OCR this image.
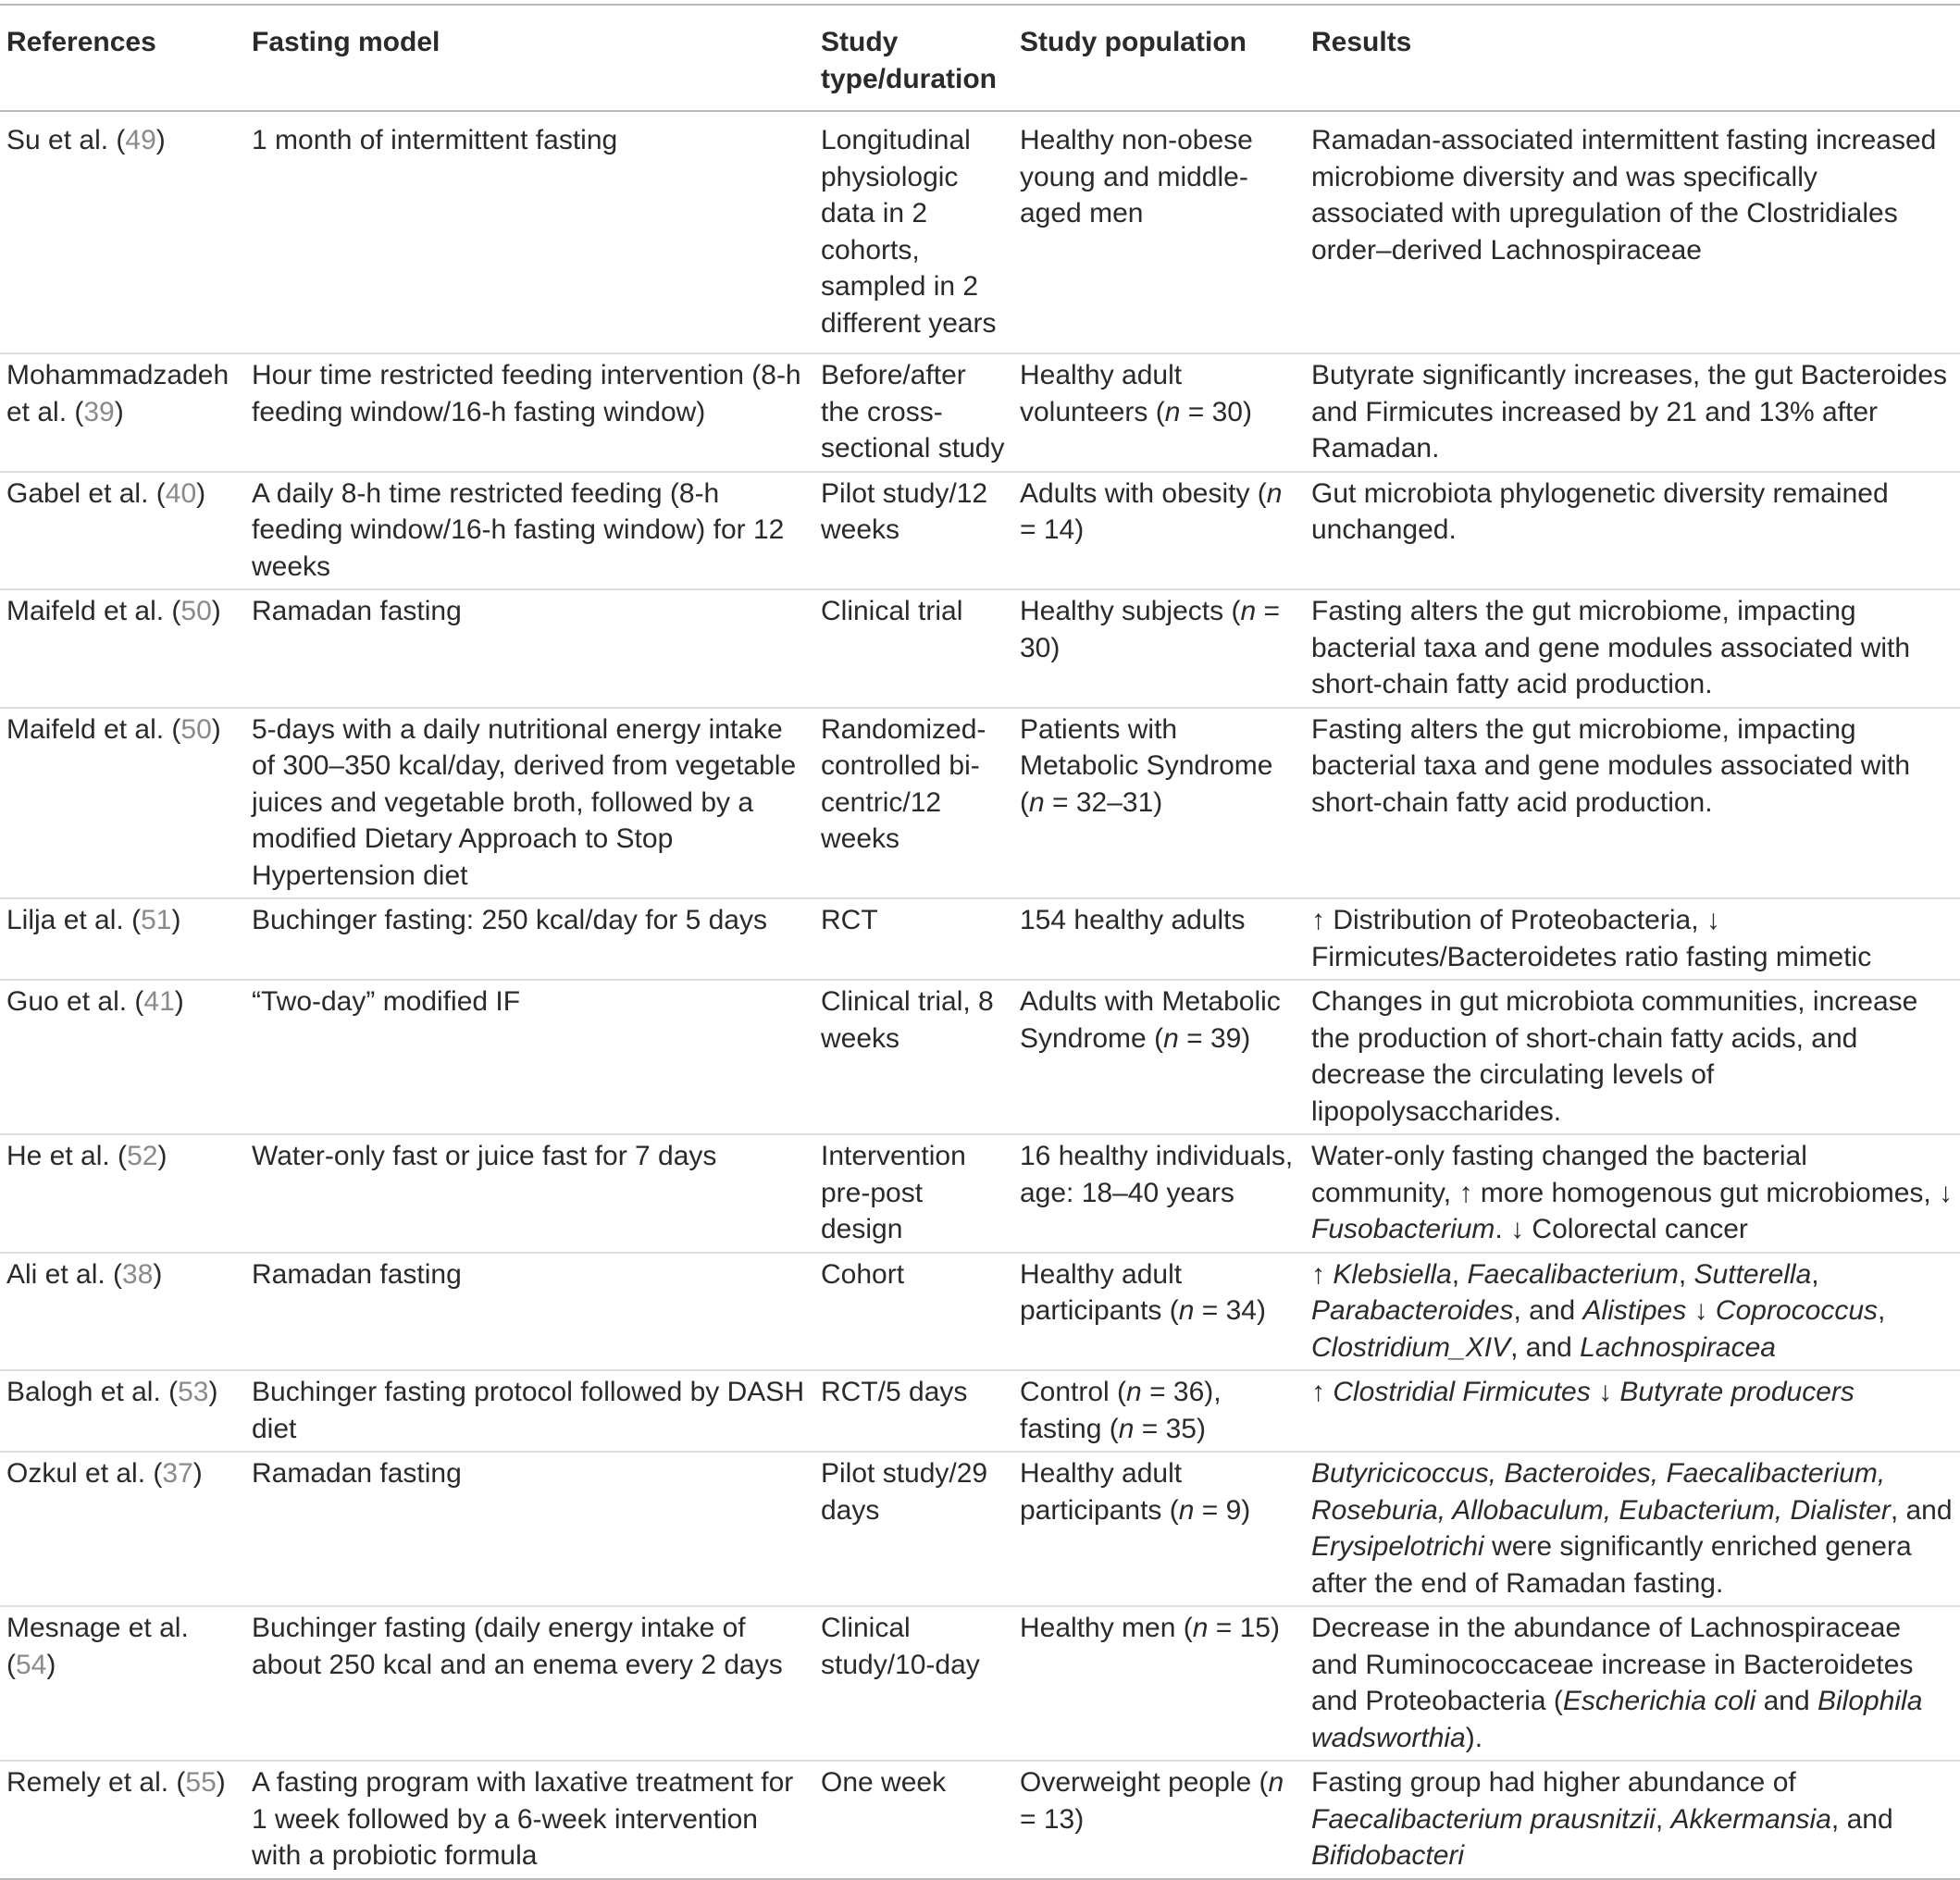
References	Fasting model	Study type/duration	Study population	Results
Su et al. (49)	1 month of intermittent fasting	Longitudinal physiologic data in 2 cohorts, sampled in 2 different years	Healthy non-obese young and middle-aged men	Ramadan-associated intermittent fasting increased microbiome diversity and was specifically associated with upregulation of the Clostridiales order–derived Lachnospiraceae
Mohammadzadeh et al. (39)	Hour time restricted feeding intervention (8-h feeding window/16-h fasting window)	Before/after the cross-sectional study	Healthy adult volunteers (n = 30)	Butyrate significantly increases, the gut Bacteroides and Firmicutes increased by 21 and 13% after Ramadan.
Gabel et al. (40)	A daily 8-h time restricted feeding (8-h feeding window/16-h fasting window) for 12 weeks	Pilot study/12 weeks	Adults with obesity (n = 14)	Gut microbiota phylogenetic diversity remained unchanged.
Maifeld et al. (50)	Ramadan fasting	Clinical trial	Healthy subjects (n = 30)	Fasting alters the gut microbiome, impacting bacterial taxa and gene modules associated with short-chain fatty acid production.
Maifeld et al. (50)	5-days with a daily nutritional energy intake of 300–350 kcal/day, derived from vegetable juices and vegetable broth, followed by a modified Dietary Approach to Stop Hypertension diet	Randomized-controlled bi-centric/12 weeks	Patients with Metabolic Syndrome (n = 32–31)	Fasting alters the gut microbiome, impacting bacterial taxa and gene modules associated with short-chain fatty acid production.
Lilja et al. (51)	Buchinger fasting: 250 kcal/day for 5 days	RCT	154 healthy adults	↑ Distribution of Proteobacteria, ↓ Firmicutes/Bacteroidetes ratio fasting mimetic
Guo et al. (41)	“Two-day” modified IF	Clinical trial, 8 weeks	Adults with Metabolic Syndrome (n = 39)	Changes in gut microbiota communities, increase the production of short-chain fatty acids, and decrease the circulating levels of lipopolysaccharides.
He et al. (52)	Water-only fast or juice fast for 7 days	Intervention pre-post design	16 healthy individuals, age: 18–40 years	Water-only fasting changed the bacterial community, ↑ more homogenous gut microbiomes, ↓ Fusobacterium. ↓ Colorectal cancer
Ali et al. (38)	Ramadan fasting	Cohort	Healthy adult participants (n = 34)	↑ Klebsiella, Faecalibacterium, Sutterella, Parabacteroides, and Alistipes ↓ Coprococcus, Clostridium_XIV, and Lachnospiracea
Balogh et al. (53)	Buchinger fasting protocol followed by DASH diet	RCT/5 days	Control (n = 36), fasting (n = 35)	↑ Clostridial Firmicutes ↓ Butyrate producers
Ozkul et al. (37)	Ramadan fasting	Pilot study/29 days	Healthy adult participants (n = 9)	Butyricicoccus, Bacteroides, Faecalibacterium, Roseburia, Allobaculum, Eubacterium, Dialister, and Erysipelotrichi were significantly enriched genera after the end of Ramadan fasting.
Mesnage et al. (54)	Buchinger fasting (daily energy intake of about 250 kcal and an enema every 2 days	Clinical study/10-day	Healthy men (n = 15)	Decrease in the abundance of Lachnospiraceae and Ruminococcaceae increase in Bacteroidetes and Proteobacteria (Escherichia coli and Bilophila wadsworthia).
Remely et al. (55)	A fasting program with laxative treatment for 1 week followed by a 6-week intervention with a probiotic formula	One week	Overweight people (n = 13)	Fasting group had higher abundance of Faecalibacterium prausnitzii, Akkermansia, and Bifidobacteri
